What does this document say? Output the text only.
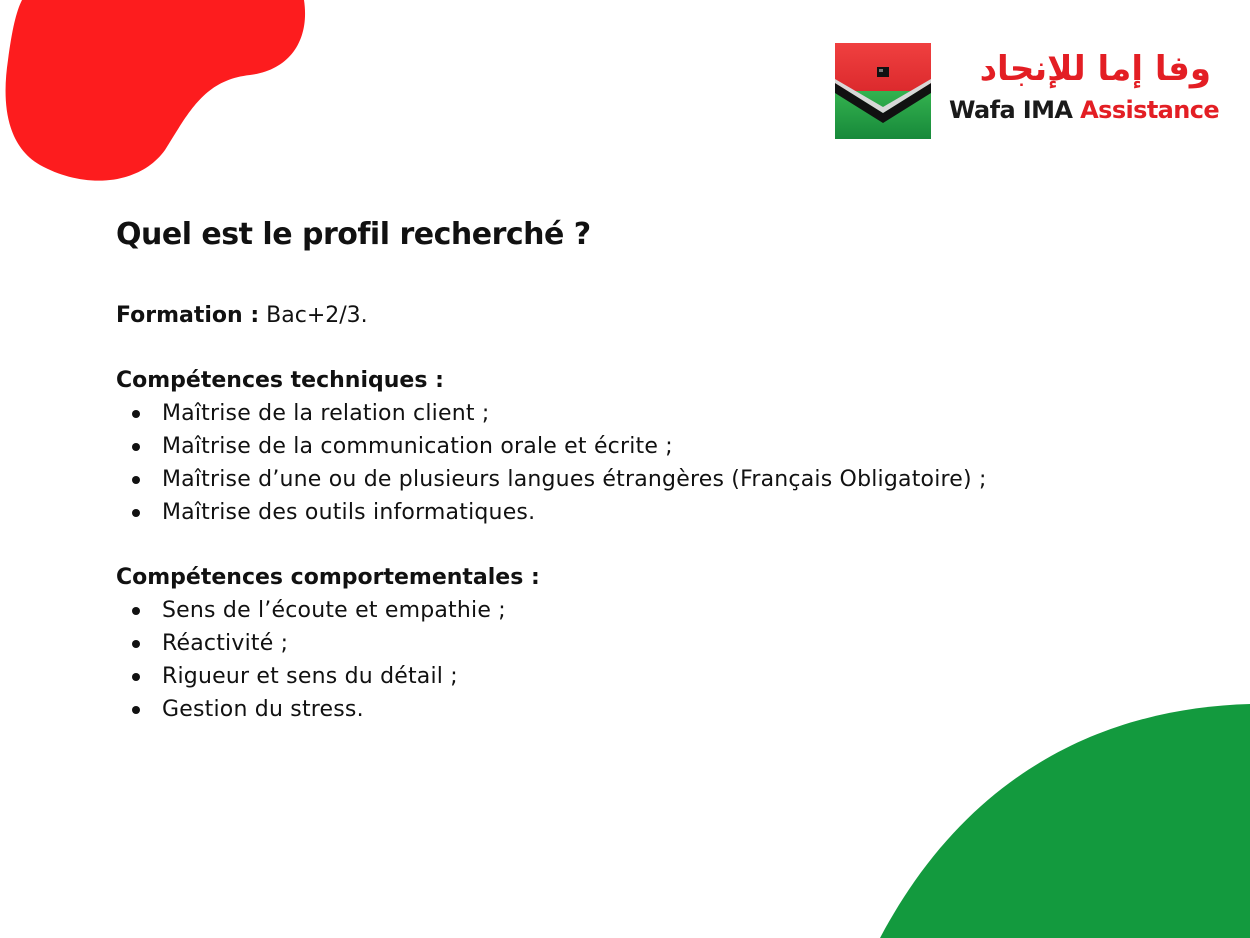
وفا إما للإنجاد
Wafa IMA Assistance
Quel est le profil recherché ?
Formation : Bac+2/3.

Compétences techniques :

Maîtrise de la relation client ;
Maîtrise de la communication orale et écrite ;
Maîtrise d’une ou de plusieurs langues étrangères (Français Obligatoire) ;
Maîtrise des outils informatiques.

Compétences comportementales :

Sens de l’écoute et empathie ;
Réactivité ;
Rigueur et sens du détail ;
Gestion du stress.
